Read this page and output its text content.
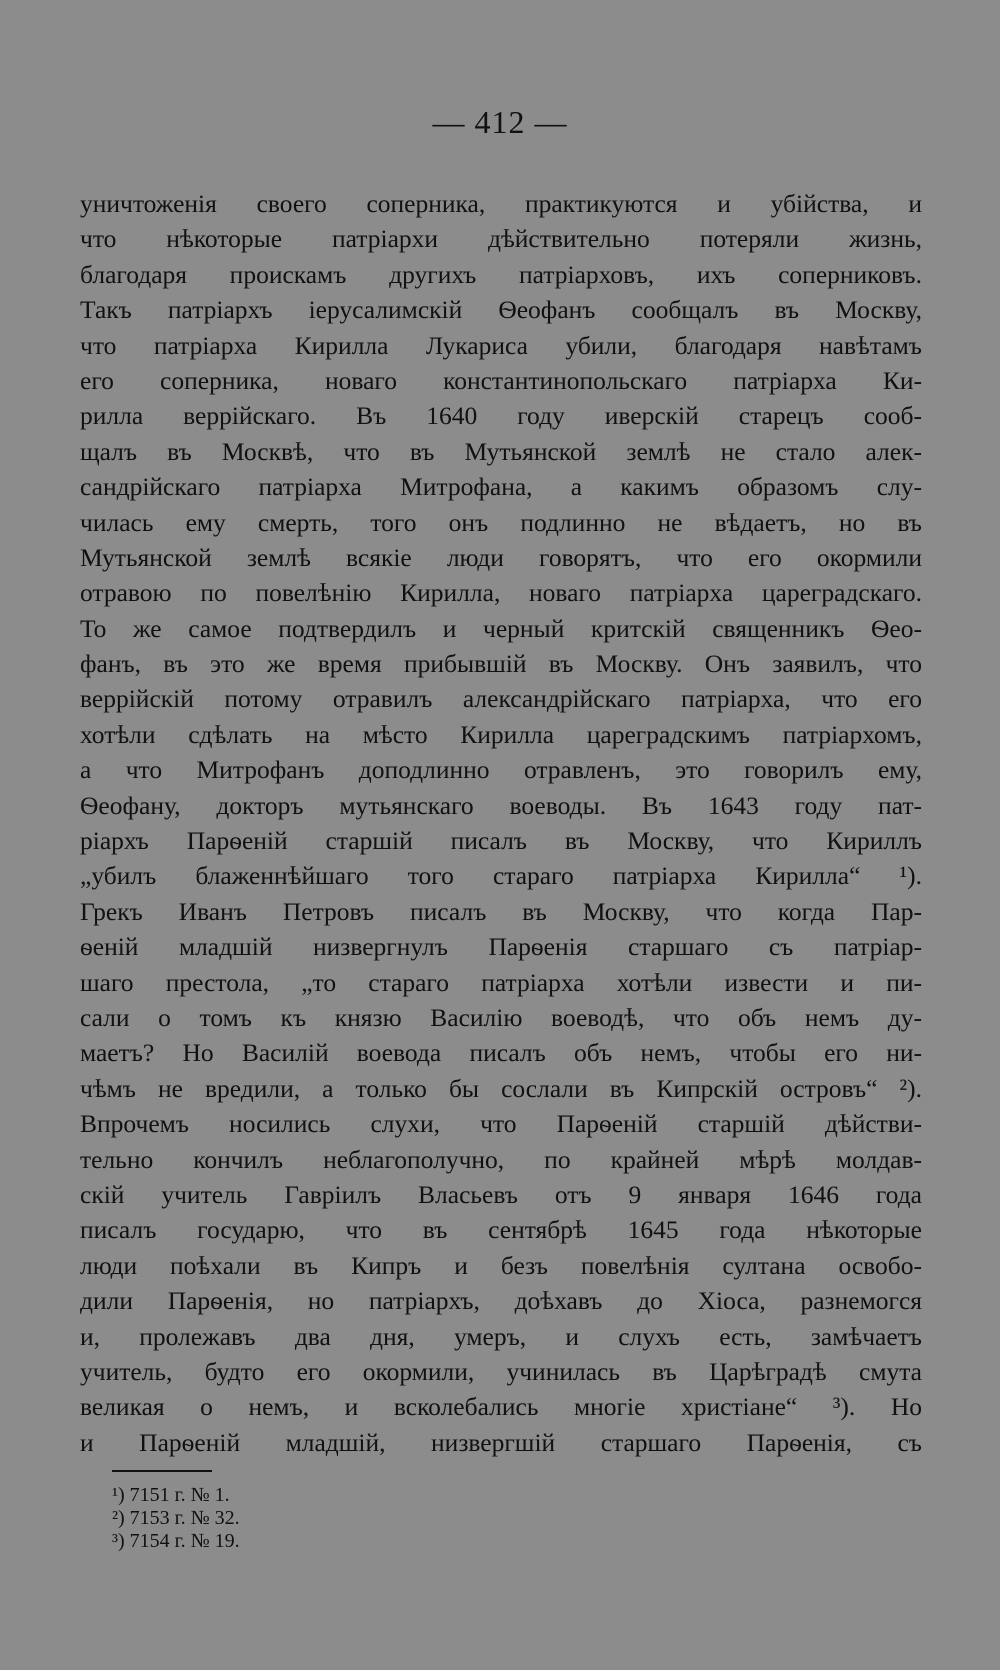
— 412 —
уничтоженія своего соперника, практикуются и убійства, и
что нѣкоторые патріархи дѣйствительно потеряли жизнь,
благодаря проискамъ другихъ патріарховъ, ихъ соперниковъ.
Такъ патріархъ іерусалимскій Ѳеофанъ сообщалъ въ Москву,
что патріарха Кирилла Лукариса убили, благодаря навѣтамъ
его соперника, новаго константинопольскаго патріарха Ки-
рилла веррійскаго. Въ 1640 году иверскій старецъ сооб-
щалъ въ Москвѣ, что въ Мутьянской землѣ не стало алек-
сандрійскаго патріарха Митрофана, а какимъ образомъ слу-
чилась ему смерть, того онъ подлинно не вѣдаетъ, но въ
Мутьянской землѣ всякіе люди говорятъ, что его окормили
отравою по повелѣнію Кирилла, новаго патріарха цареградскаго.
То же самое подтвердилъ и черный критскій священникъ Ѳео-
фанъ, въ это же время прибывшій въ Москву. Онъ заявилъ, что
веррійскій потому отравилъ александрійскаго патріарха, что его
хотѣли сдѣлать на мѣсто Кирилла цареградскимъ патріархомъ,
а что Митрофанъ доподлинно отравленъ, это говорилъ ему,
Ѳеофану, докторъ мутьянскаго воеводы. Въ 1643 году пат-
ріархъ Парѳеній старшій писалъ въ Москву, что Кириллъ
„убилъ блаженнѣйшаго того стараго патріарха Кирилла“ ¹).
Грекъ Иванъ Петровъ писалъ въ Москву, что когда Пар-
ѳеній младшій низвергнулъ Парѳенія старшаго съ патріар-
шаго престола, „то стараго патріарха хотѣли извести и пи-
сали о томъ къ князю Василію воеводѣ, что объ немъ ду-
маетъ? Но Василій воевода писалъ объ немъ, чтобы его ни-
чѣмъ не вредили, а только бы сослали въ Кипрскій островъ“ ²).
Впрочемъ носились слухи, что Парѳеній старшій дѣйстви-
тельно кончилъ неблагополучно, по крайней мѣрѣ молдав-
скій учитель Гавріилъ Власьевъ отъ 9 января 1646 года
писалъ государю, что въ сентябрѣ 1645 года нѣкоторые
люди поѣхали въ Кипръ и безъ повелѣнія султана освобо-
дили Парѳенія, но патріархъ, доѣхавъ до Хіоса, разнемогся
и, пролежавъ два дня, умеръ, и слухъ есть, замѣчаетъ
учитель, будто его окормили, учинилась въ Царѣградѣ смута
великая о немъ, и всколебались многіе христіане“ ³). Но
и Парѳеній младшій, низвергшій старшаго Парѳенія, съ
¹) 7151 г. № 1.
²) 7153 г. № 32.
³) 7154 г. № 19.
